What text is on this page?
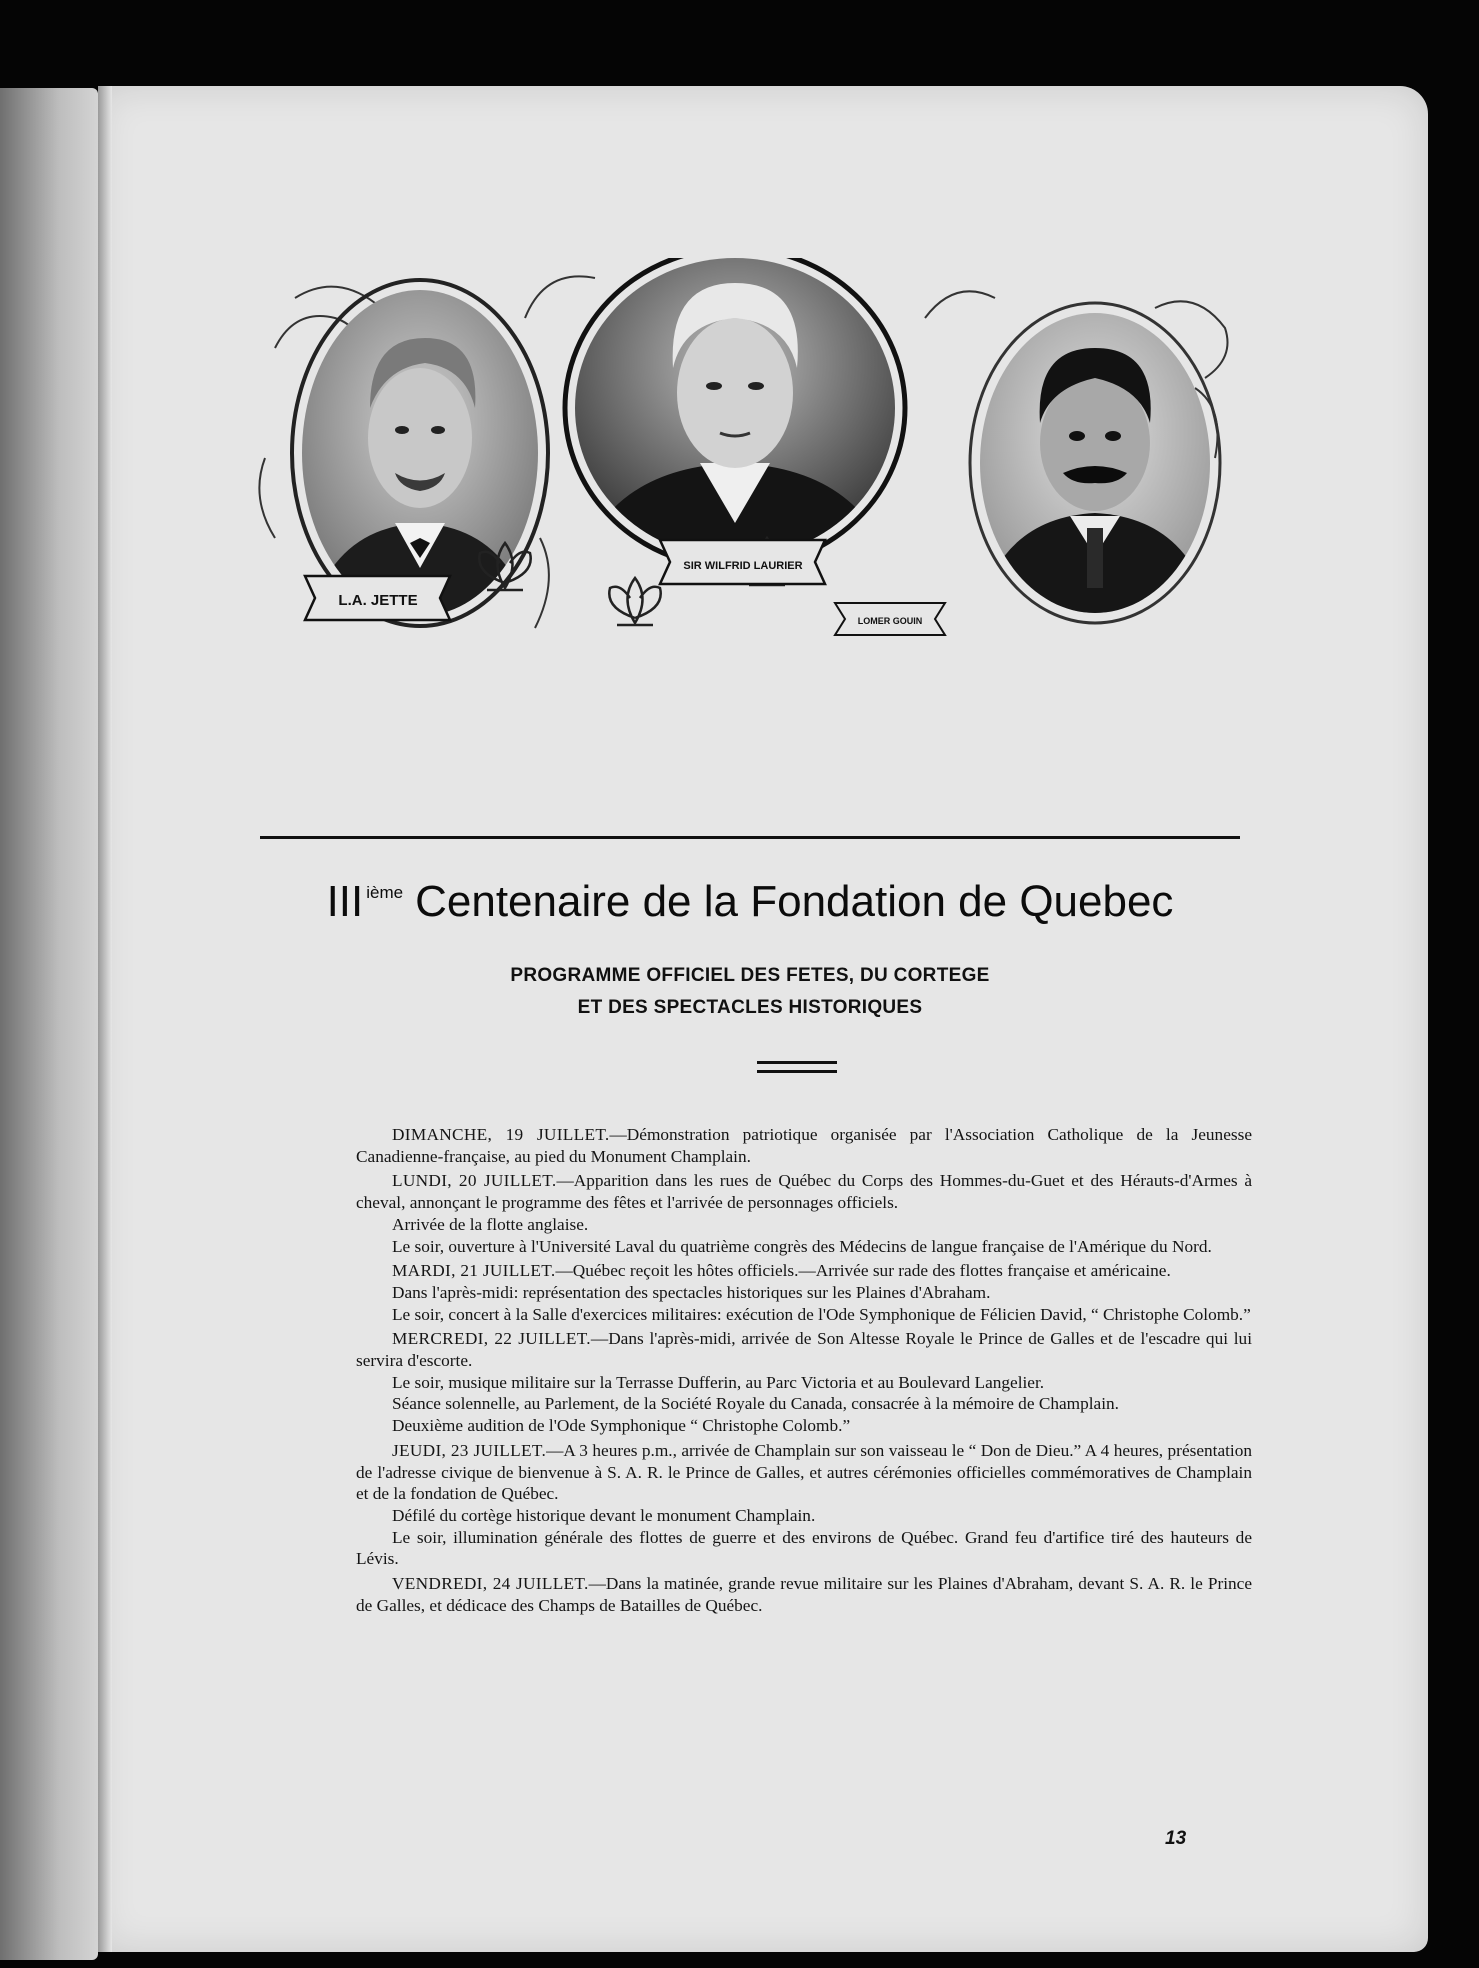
L.A. JETTE
SIR WILFRID LAURIER
LOMER GOUIN
III $^{ième}$ Centenaire de la Fondation de Quebec
PROGRAMME OFFICIEL DES FETES, DU CORTEGE
ET DES SPECTACLES HISTORIQUES

DIMANCHE, 19 JUILLET.—Démonstration patriotique organisée par l'Association Catholique de la Jeunesse Canadienne-française, au pied du Monument Champlain.

LUNDI, 20 JUILLET.—Apparition dans les rues de Québec du Corps des Hommes-du-Guet et des Hérauts-d'Armes à cheval, annonçant le programme des fêtes et l'arrivée de personnages officiels.

Arrivée de la flotte anglaise.

Le soir, ouverture à l'Université Laval du quatrième congrès des Médecins de langue française de l'Amérique du Nord.

MARDI, 21 JUILLET.—Québec reçoit les hôtes officiels.—Arrivée sur rade des flottes française et américaine.

Dans l'après-midi: représentation des spectacles historiques sur les Plaines d'Abraham.

Le soir, concert à la Salle d'exercices militaires: exécution de l'Ode Symphonique de Félicien David, “ Christophe Colomb.”

MERCREDI, 22 JUILLET.—Dans l'après-midi, arrivée de Son Altesse Royale le Prince de Galles et de l'escadre qui lui servira d'escorte.

Le soir, musique militaire sur la Terrasse Dufferin, au Parc Victoria et au Boulevard Langelier.

Séance solennelle, au Parlement, de la Société Royale du Canada, consacrée à la mémoire de Champlain.

Deuxième audition de l'Ode Symphonique “ Christophe Colomb.”

JEUDI, 23 JUILLET.—A 3 heures p.m., arrivée de Champlain sur son vaisseau le “ Don de Dieu.” A 4 heures, présentation de l'adresse civique de bienvenue à S. A. R. le Prince de Galles, et autres cérémonies officielles commémoratives de Champlain et de la fondation de Québec.

Défilé du cortège historique devant le monument Champlain.

Le soir, illumination générale des flottes de guerre et des environs de Québec. Grand feu d'artifice tiré des hauteurs de Lévis.

VENDREDI, 24 JUILLET.—Dans la matinée, grande revue militaire sur les Plaines d'Abraham, devant S. A. R. le Prince de Galles, et dédicace des Champs de Batailles de Québec.

13
